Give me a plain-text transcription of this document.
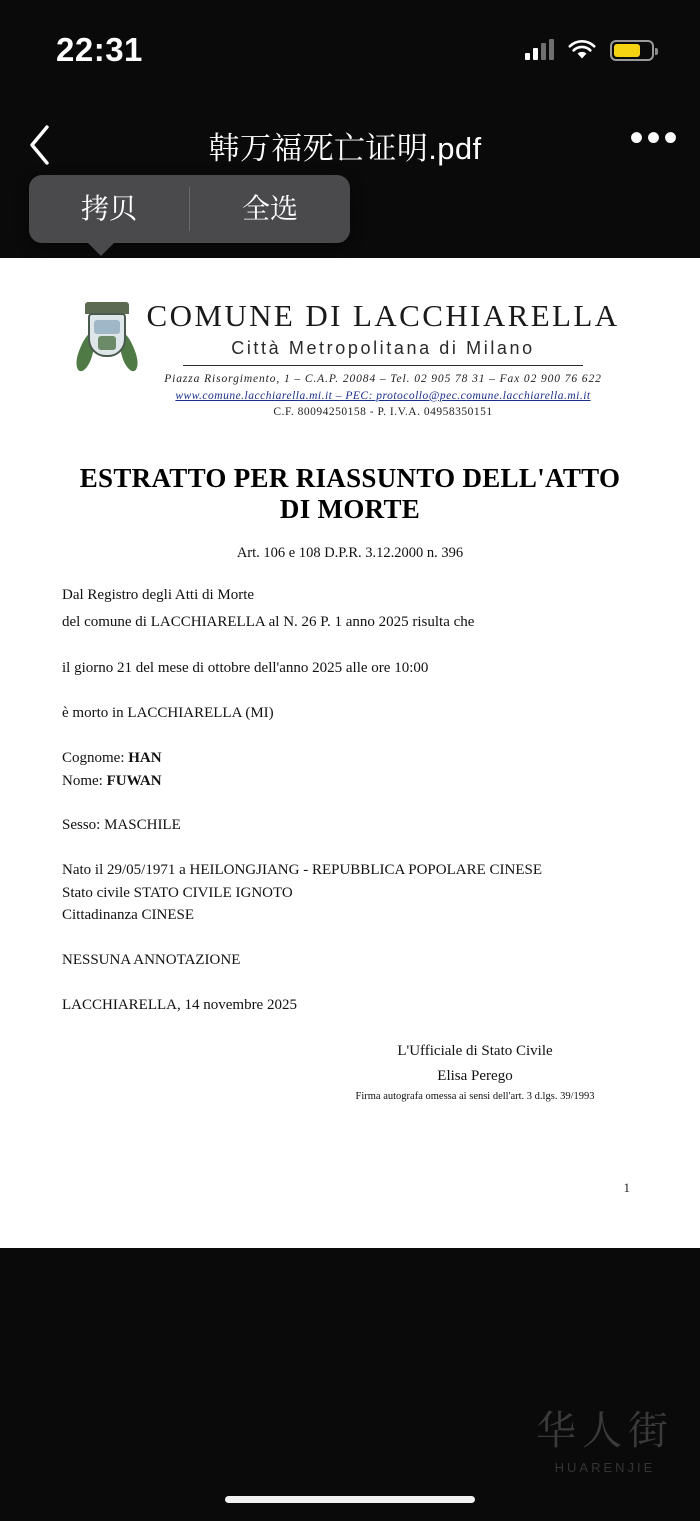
22:31
韩万福死亡证明.pdf	•••
拷贝	全选
COMUNE DI LACCHIARELLA
Città Metropolitana di Milano
Piazza Risorgimento, 1 – C.A.P. 20084 – Tel. 02 905 78 31 – Fax 02 900 76 622
www.comune.lacchiarella.mi.it – PEC: protocollo@pec.comune.lacchiarella.mi.it
C.F. 80094250158 - P. I.V.A. 04958350151
ESTRATTO PER RIASSUNTO DELL'ATTO DI MORTE
Art. 106 e 108 D.P.R. 3.12.2000 n. 396
Dal Registro degli Atti di Morte
del comune di LACCHIARELLA al N. 26 P. 1 anno 2025 risulta che
il giorno 21 del mese di ottobre dell'anno 2025 alle ore 10:00
è morto in LACCHIARELLA (MI)
Cognome: HAN
Nome: FUWAN
Sesso: MASCHILE
Nato il 29/05/1971 a HEILONGJIANG - REPUBBLICA POPOLARE CINESE
Stato civile STATO CIVILE IGNOTO
Cittadinanza CINESE
NESSUNA ANNOTAZIONE
LACCHIARELLA, 14 novembre 2025
L'Ufficiale di Stato Civile
Elisa Perego
Firma autografa omessa ai sensi dell'art. 3 d.lgs. 39/1993
1
华人街
HUARENJIE
